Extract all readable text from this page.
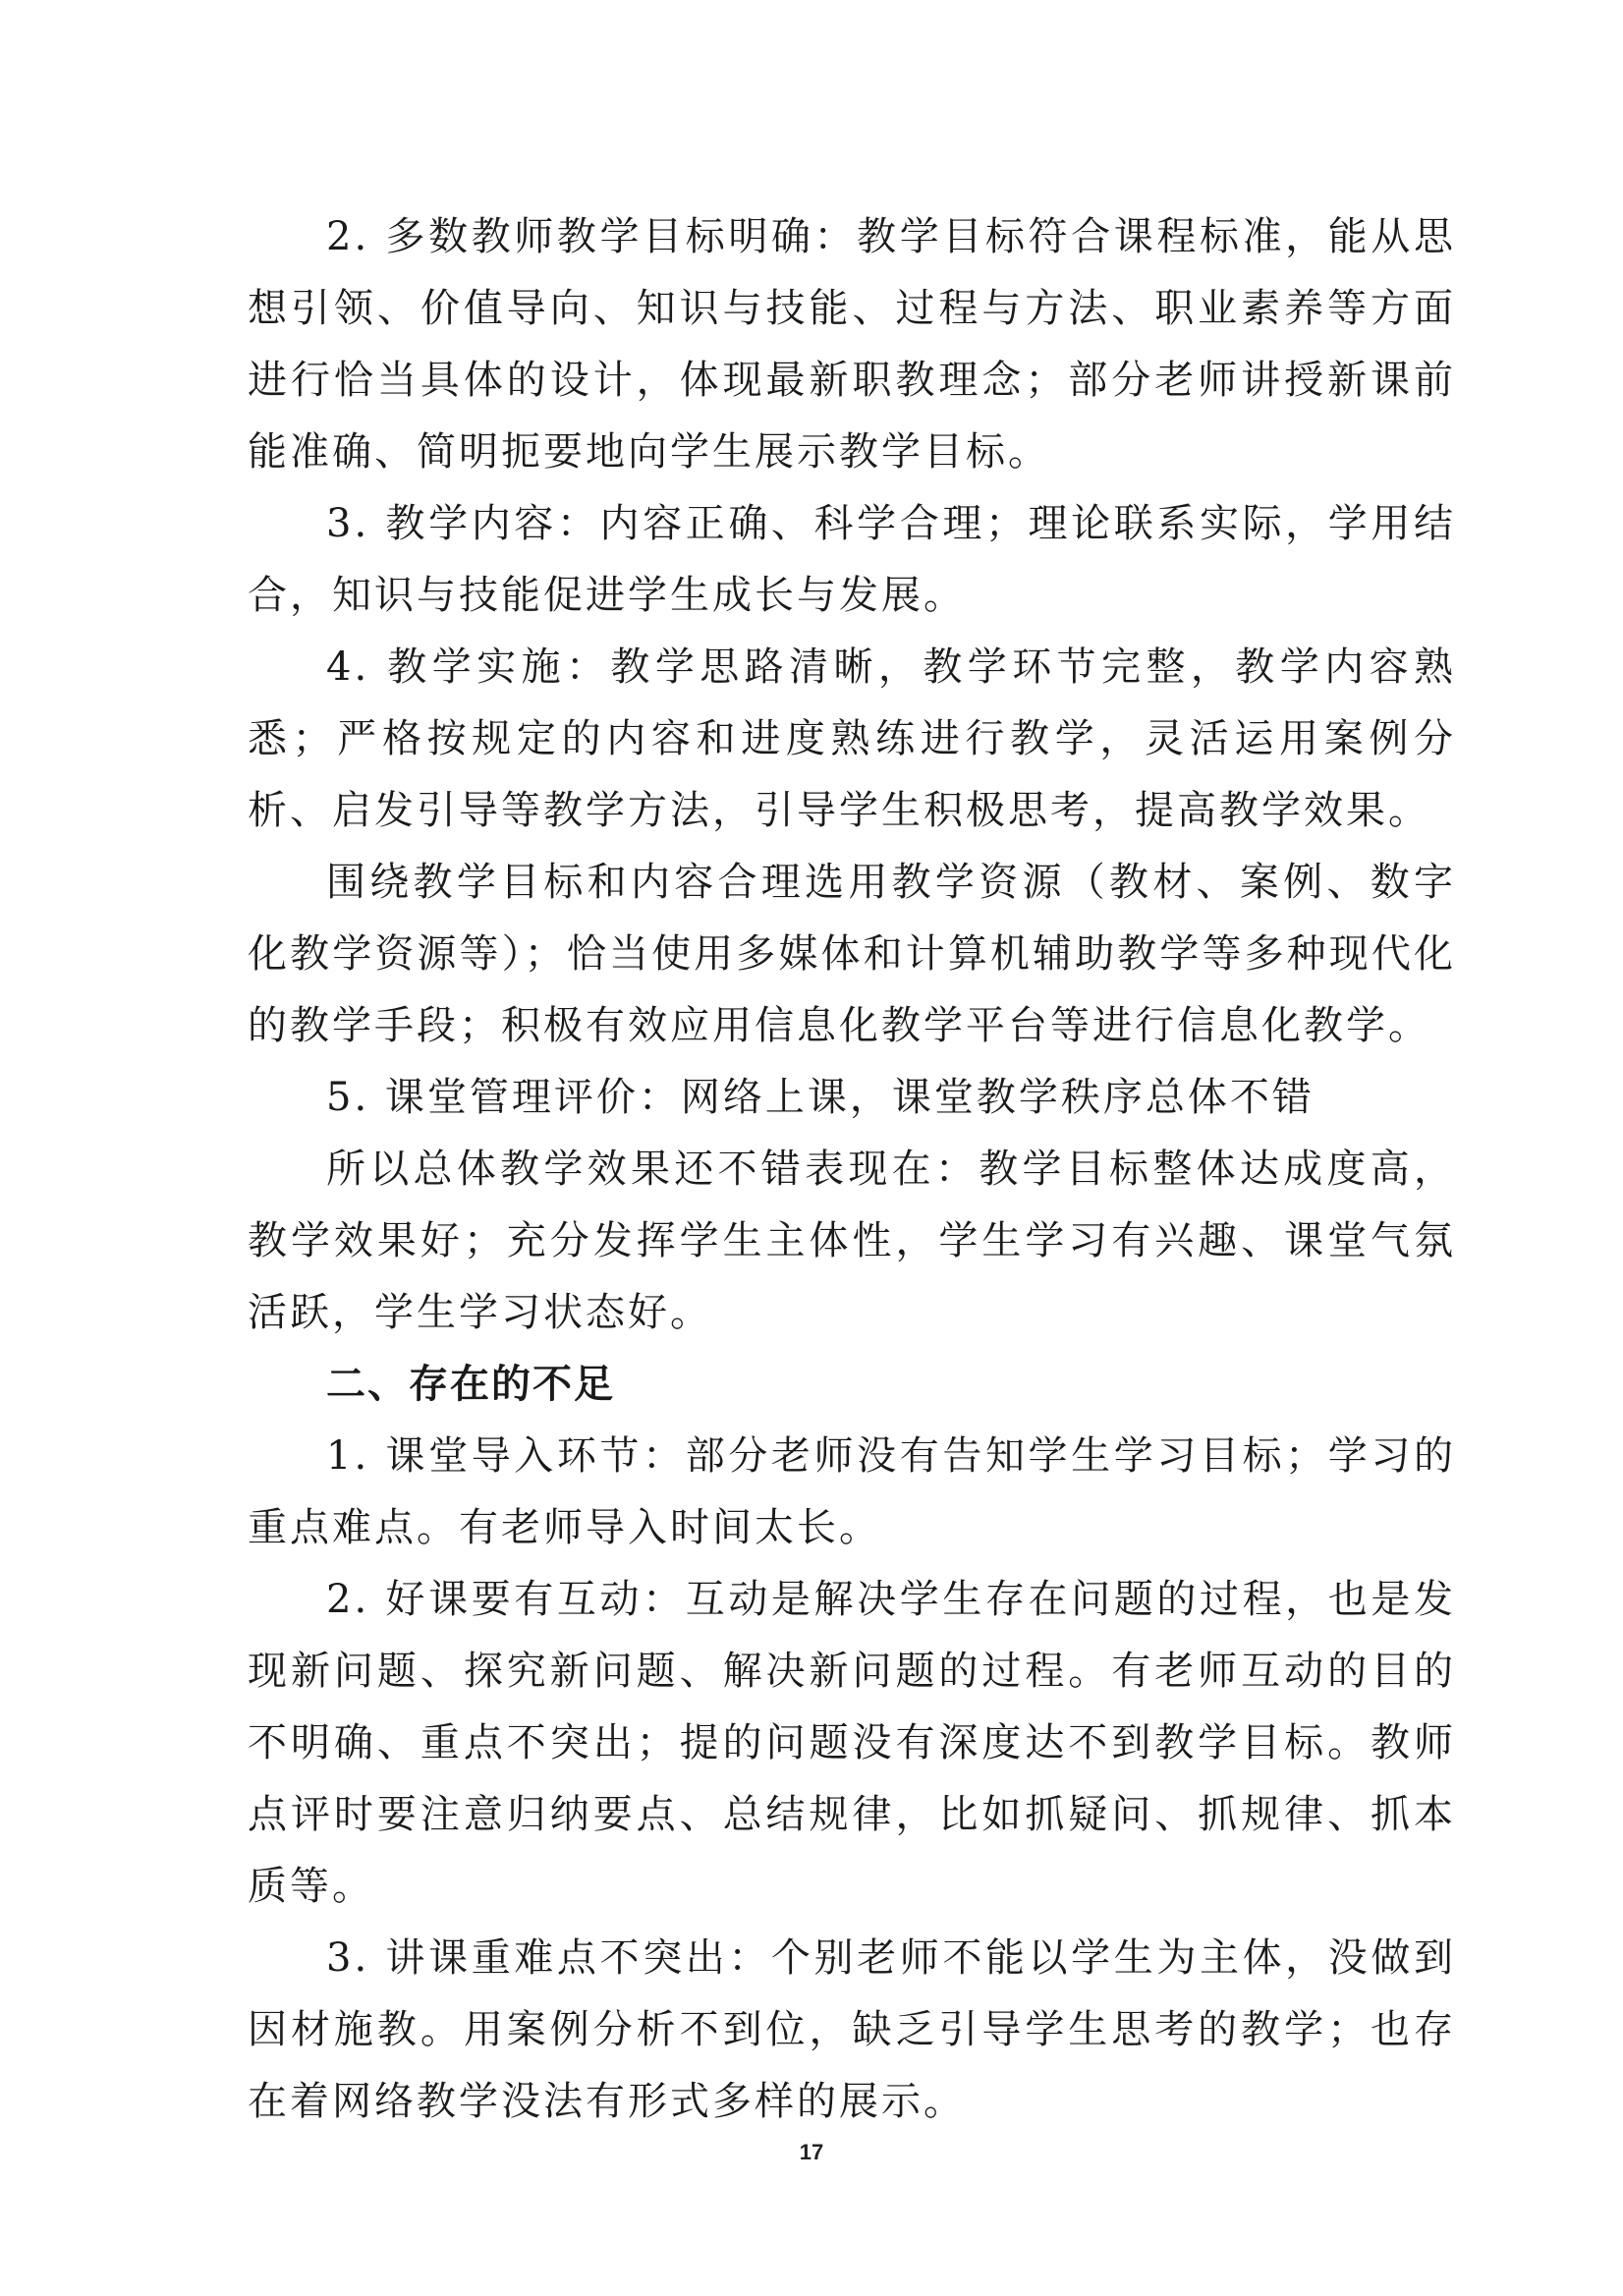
2. 多数教师教学目标明确：教学目标符合课程标准，能从思想引领、价值导向、知识与技能、过程与方法、职业素养等方面进行恰当具体的设计，体现最新职教理念；部分老师讲授新课前能准确、简明扼要地向学生展示教学目标。

3. 教学内容：内容正确、科学合理；理论联系实际，学用结合，知识与技能促进学生成长与发展。

4. 教学实施：教学思路清晰，教学环节完整，教学内容熟悉；严格按规定的内容和进度熟练进行教学，灵活运用案例分析、启发引导等教学方法，引导学生积极思考，提高教学效果。

围绕教学目标和内容合理选用教学资源（教材、案例、数字化教学资源等）；恰当使用多媒体和计算机辅助教学等多种现代化的教学手段；积极有效应用信息化教学平台等进行信息化教学。

5. 课堂管理评价：网络上课，课堂教学秩序总体不错

所以总体教学效果还不错表现在：教学目标整体达成度高，教学效果好；充分发挥学生主体性，学生学习有兴趣、课堂气氛活跃，学生学习状态好。

二、存在的不足

1. 课堂导入环节：部分老师没有告知学生学习目标；学习的重点难点。有老师导入时间太长。

2. 好课要有互动：互动是解决学生存在问题的过程，也是发现新问题、探究新问题、解决新问题的过程。有老师互动的目的不明确、重点不突出；提的问题没有深度达不到教学目标。教师点评时要注意归纳要点、总结规律，比如抓疑问、抓规律、抓本质等。

3. 讲课重难点不突出：个别老师不能以学生为主体，没做到因材施教。用案例分析不到位，缺乏引导学生思考的教学；也存在着网络教学没法有形式多样的展示。

17
